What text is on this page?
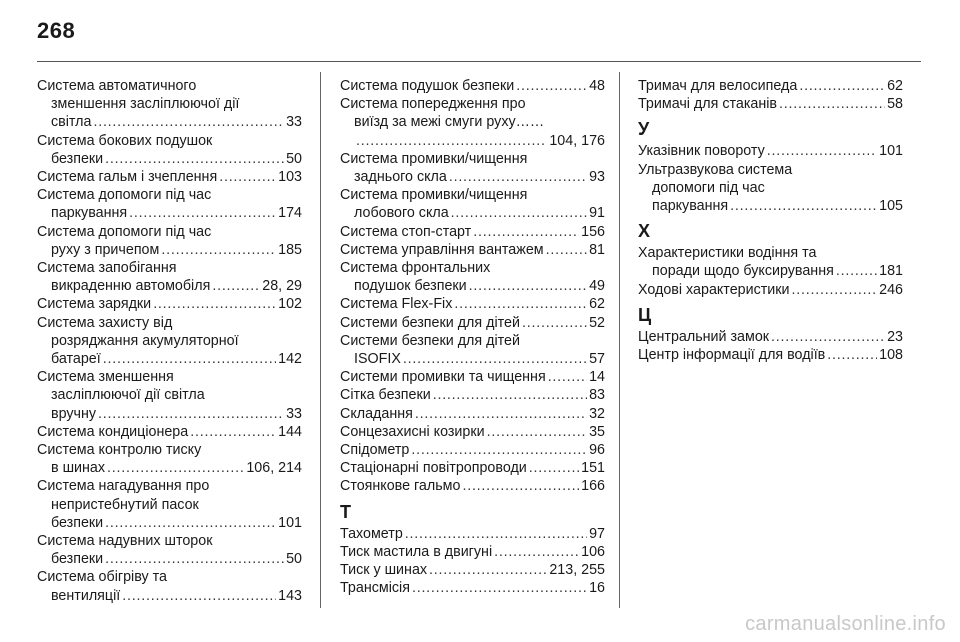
268
Система автоматичного
зменшення засліплюючої дії
світла . . .	33
Система бокових подушок
безпеки . . .	50
Система гальм і зчеплення . . .	103
Система допомоги під час
паркування . . .	174
Система допомоги під час
руху з причепом . . .	185
Система запобігання
викраденню автомобіля . . .	28, 29
Система зарядки . . .	102
Система захисту від
розряджання акумуляторної
батареї . . .	142
Система зменшення
засліплюючої дії світла
вручну . . .	33
Система кондиціонера . . .	144
Система контролю тиску
в шинах . . .	106, 214
Система нагадування про
непристебнутий пасок
безпеки . . .	101
Система надувних шторок
безпеки . . .	50
Система обігріву та
вентиляції . . .	143
Система подушок безпеки . . .	48
Система попередження про
виїзд за межі смуги руху……
. . .
104, 176
Система промивки/чищення
заднього скла . . .	93
Система промивки/чищення
лобового скла . . .	91
Система стоп-старт . . .	156
Система управління вантажем . . .	81
Система фронтальних
подушок безпеки . . .	49
Система Flex-Fix . . .	62
Системи безпеки для дітей . . .	52
Системи безпеки для дітей
ISOFIX . . .	57
Системи промивки та чищення . . .	14
Сітка безпеки . . .	83
Складання . . .	32
Сонцезахисні козирки . . .	35
Спідометр . . .	96
Стаціонарні повітропроводи . . .	151
Стоянкове гальмо . . .	166
Т
Тахометр . . .	97
Тиск мастила в двигуні . . .	106
Тиск у шинах . . .	213, 255
Трансмісія . . .	16
Тримач для велосипеда . . .	62
Тримачі для стаканів . . .	58
У
Указівник повороту . . .	101
Ультразвукова система
допомоги під час
паркування . . .	105
Х
Характеристики водіння та
поради щодо буксирування . . .	181
Ходові характеристики . . .	246
Ц
Центральний замок . . .	23
Центр інформації для водіїв . . .	108
carmanualsonline.info
